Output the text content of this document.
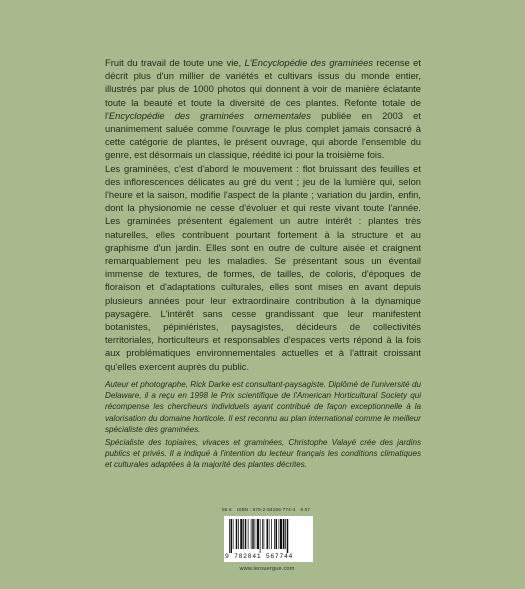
Fruit du travail de toute une vie, L'Encyclopédie des graminées recense et décrit plus d'un millier de variétés et cultivars issus du monde entier, illustrés par plus de 1000 photos qui donnent à voir de manière éclatante toute la beauté et toute la diversité de ces plantes. Refonte totale de l'Encyclopédie des graminées ornementales publiée en 2003 et unanimement saluée comme l'ouvrage le plus complet jamais consacré à cette catégorie de plantes, le présent ouvrage, qui aborde l'ensemble du genre, est désormais un classique, réédité ici pour la troisième fois.

Les graminées, c'est d'abord le mouvement : flot bruissant des feuilles et des inflorescences délicates au gré du vent ; jeu de la lumière qui, selon l'heure et la saison, modifie l'aspect de la plante ; variation du jardin, enfin, dont la physionomie ne cesse d'évoluer et qui reste vivant toute l'année. Les graminées présentent également un autre intérêt : plantes très naturelles, elles contribuent pourtant fortement à la structure et au graphisme d'un jardin. Elles sont en outre de culture aisée et craignent remarquablement peu les maladies. Se présentant sous un éventail immense de textures, de formes, de tailles, de coloris, d'époques de floraison et d'adaptations culturales, elles sont mises en avant depuis plusieurs années pour leur extraordinaire contribution à la dynamique paysagère. L'intérêt sans cesse grandissant que leur manifestent botanistes, pépiniéristes, paysagistes, décideurs de collectivités territoriales, horticulteurs et responsables d'espaces verts répond à la fois aux problématiques environnementales actuelles et à l'attrait croissant qu'elles exercent auprès du public.

Auteur et photographe, Rick Darke est consultant-paysagiste. Diplômé de l'université du Delaware, il a reçu en 1998 le Prix scientifique de l'American Horticultural Society qui récompense les chercheurs individuels ayant contribué de façon exceptionnelle à la valorisation du domaine horticole. Il est reconnu au plan international comme le meilleur spécialiste des graminées.

Spécialiste des topiaires, vivaces et graminées, Christophe Valayé crée des jardins publics et privés. Il a indiqué à l'intention du lecteur français les conditions climatiques et culturales adaptées à la majorité des plantes décrites.

56 € ISBN : 978-2-84156-774-4 9.07
9 782841 567744
www.lerouergue.com
